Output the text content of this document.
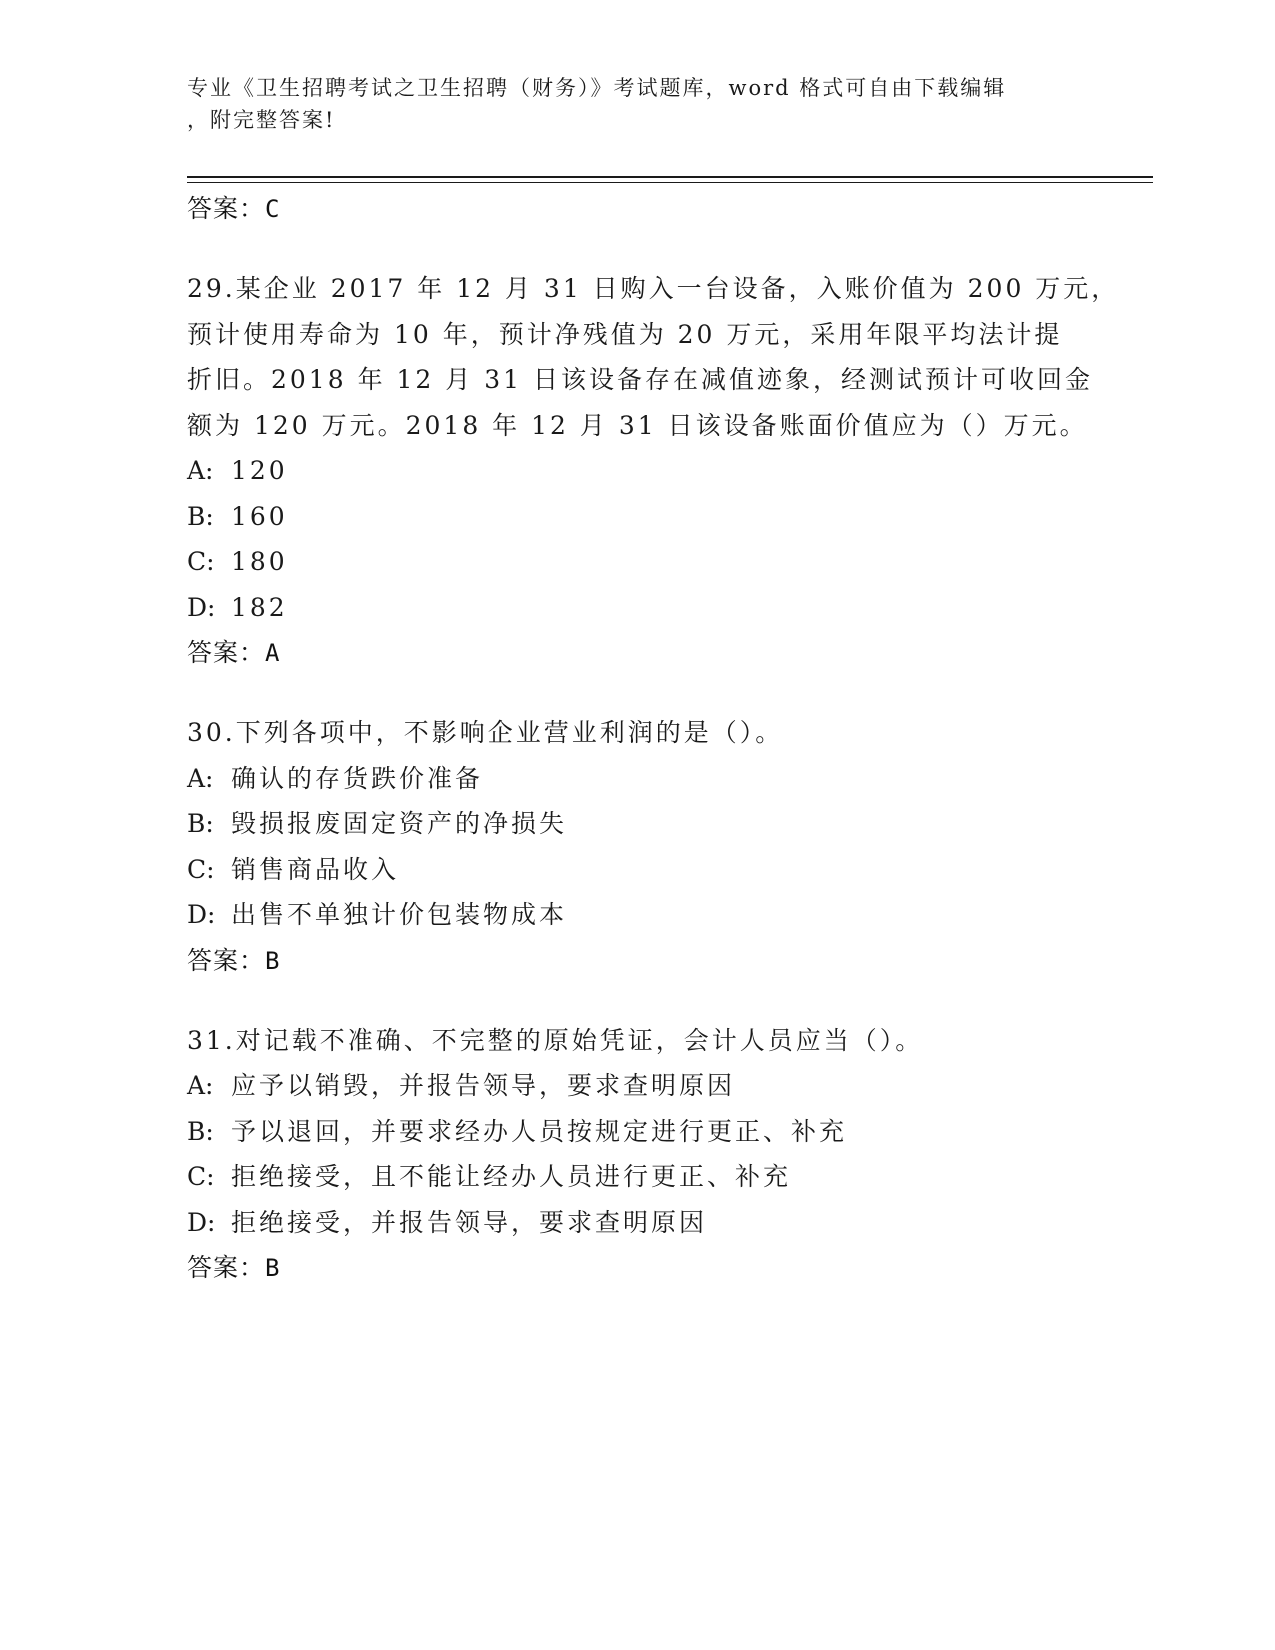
专业《卫生招聘考试之卫生招聘（财务）》考试题库，word 格式可自由下载编辑
，附完整答案!
答案：C
29.某企业 2017 年 12 月 31 日购入一台设备，入账价值为 200 万元，
预计使用寿命为 10 年，预计净残值为 20 万元，采用年限平均法计提
折旧。2018 年 12 月 31 日该设备存在减值迹象，经测试预计可收回金
额为 120 万元。2018 年 12 月 31 日该设备账面价值应为（）万元。
A: 120
B: 160
C: 180
D: 182
答案：A
30.下列各项中，不影响企业营业利润的是（）。
A: 确认的存货跌价准备
B: 毁损报废固定资产的净损失
C: 销售商品收入
D: 出售不单独计价包装物成本
答案：B
31.对记载不准确、不完整的原始凭证，会计人员应当（）。
A: 应予以销毁，并报告领导，要求查明原因
B: 予以退回，并要求经办人员按规定进行更正、补充
C: 拒绝接受，且不能让经办人员进行更正、补充
D: 拒绝接受，并报告领导，要求查明原因
答案：B
